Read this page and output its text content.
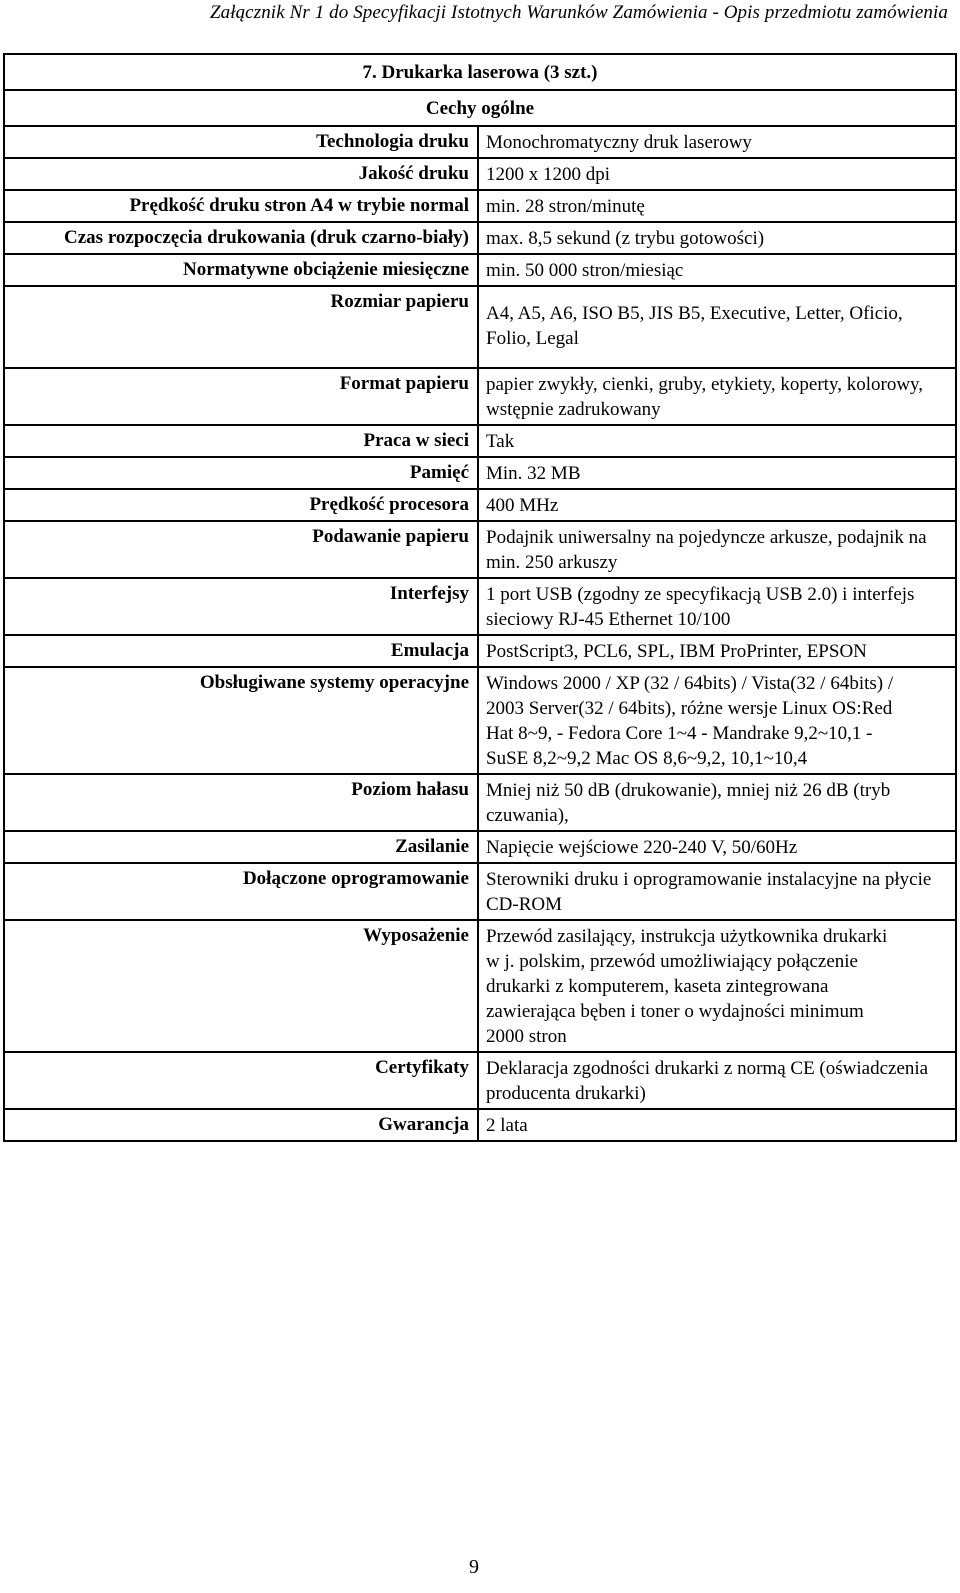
Załącznik Nr 1 do Specyfikacji Istotnych Warunków Zamówienia - Opis przedmiotu zamówienia
7. Drukarka laserowa (3 szt.)	
Cechy ogólne	
Technologia druku	Monochromatyczny druk laserowy
Jakość druku	1200 x 1200 dpi
Prędkość druku stron A4 w trybie normal	min. 28 stron/minutę
Czas rozpoczęcia drukowania (druk czarno-biały)	max. 8,5 sekund (z trybu gotowości)
Normatywne obciążenie miesięczne	min. 50 000 stron/miesiąc
Rozmiar papieru	A4, A5, A6, ISO B5, JIS B5, Executive, Letter, Oficio, Folio, Legal
Format papieru	papier zwykły, cienki, gruby, etykiety, koperty, kolorowy, wstępnie zadrukowany
Praca w sieci	Tak
Pamięć	Min. 32 MB
Prędkość procesora	400 MHz
Podawanie papieru	Podajnik uniwersalny na pojedyncze arkusze, podajnik na min. 250 arkuszy
Interfejsy	1 port USB (zgodny ze specyfikacją USB 2.0) i interfejs sieciowy RJ-45 Ethernet 10/100
Emulacja	PostScript3, PCL6, SPL, IBM ProPrinter, EPSON
Obsługiwane systemy operacyjne	Windows 2000 / XP (32 / 64bits) / Vista(32 / 64bits) / 2003 Server(32 / 64bits), różne wersje Linux OS:Red Hat 8~9, - Fedora Core 1~4 - Mandrake 9,2~10,1 - SuSE 8,2~9,2 Mac OS 8,6~9,2, 10,1~10,4
Poziom hałasu	Mniej niż 50 dB (drukowanie), mniej niż 26 dB (tryb czuwania),
Zasilanie	Napięcie wejściowe 220-240 V, 50/60Hz
Dołączone oprogramowanie	Sterowniki druku i oprogramowanie instalacyjne na płycie CD-ROM
Wyposażenie	Przewód zasilający, instrukcja użytkownika drukarki w j. polskim, przewód umożliwiający połączenie drukarki z komputerem, kaseta zintegrowana zawierająca bęben i toner o wydajności minimum 2000 stron
Certyfikaty	Deklaracja zgodności drukarki z normą CE (oświadczenia producenta drukarki)
Gwarancja	2 lata
9
